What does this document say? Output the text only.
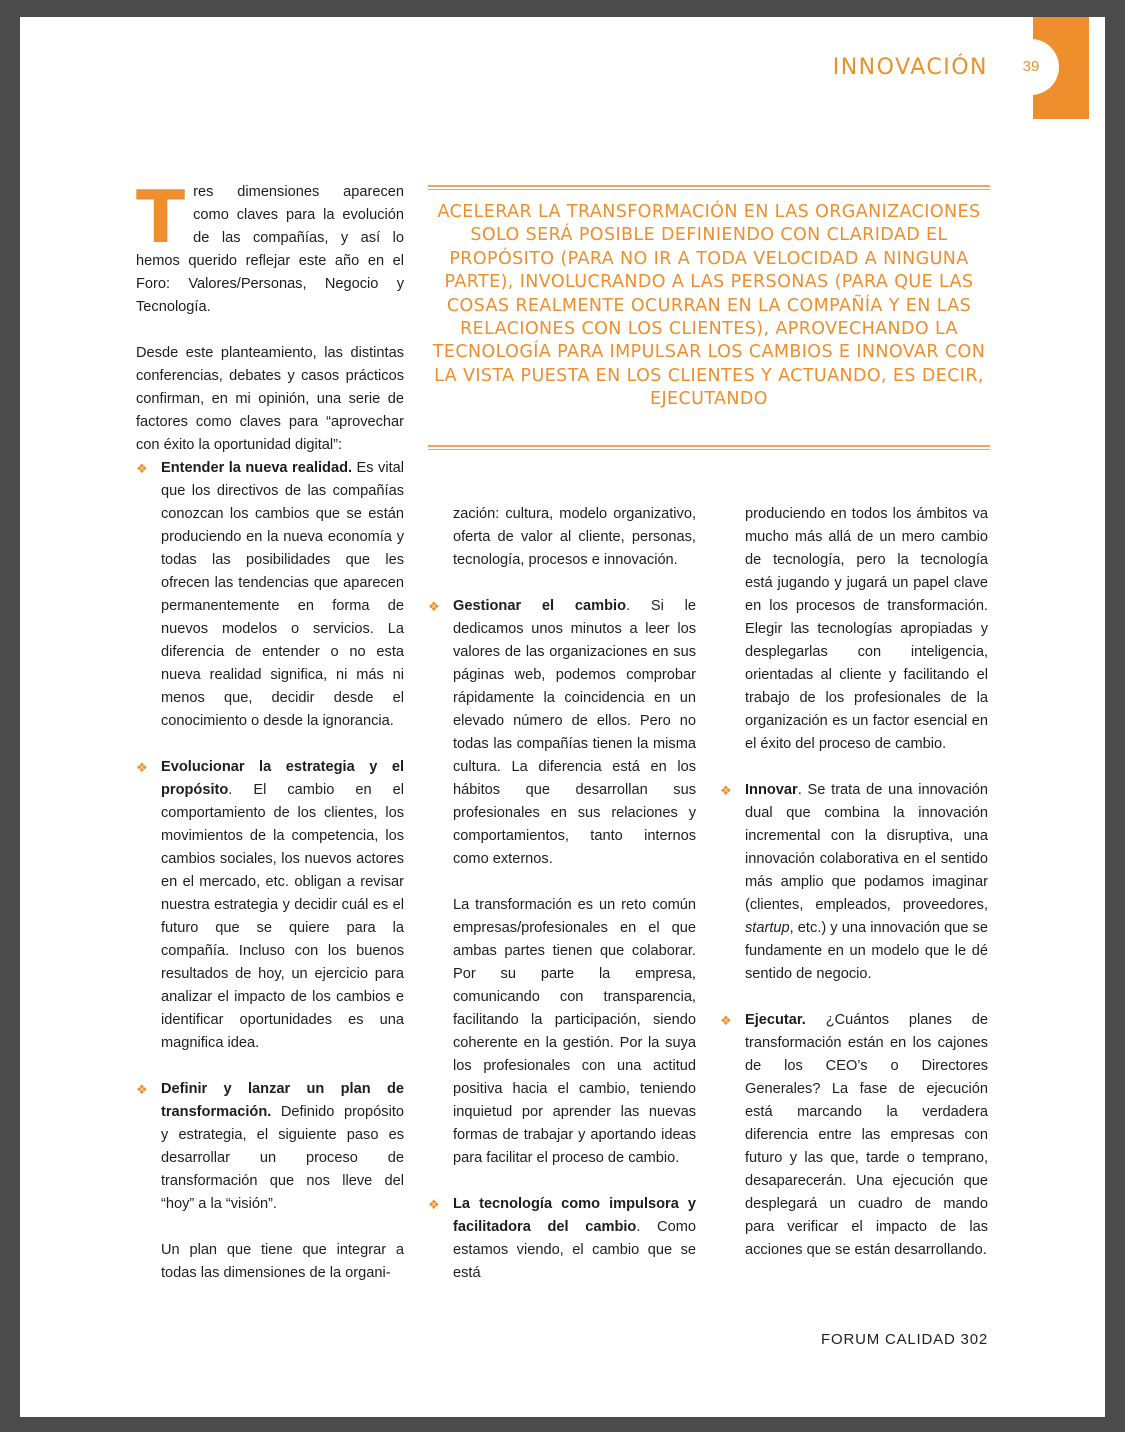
INNOVACIÓN	39
T res dimensiones aparecen como claves para la evolución de las compañías, y así lo hemos querido reflejar este año en el Foro: Valores/Personas, Negocio y Tecnología.

Desde este planteamiento, las distintas conferencias, debates y casos prácticos confirman, en mi opinión, una serie de factores como claves para “aprovechar con éxito la oportunidad digital”:

ACELERAR LA TRANSFORMACIÓN EN LAS ORGANIZACIONES SOLO SERÁ POSIBLE DEFINIENDO CON CLARIDAD EL PROPÓSITO (PARA NO IR A TODA VELOCIDAD A NINGUNA PARTE), INVOLUCRANDO A LAS PERSONAS (PARA QUE LAS COSAS REALMENTE OCURRAN EN LA COMPAÑÍA Y EN LAS RELACIONES CON LOS CLIENTES), APROVECHANDO LA TECNOLOGÍA PARA IMPULSAR LOS CAMBIOS E INNOVAR CON LA VISTA PUESTA EN LOS CLIENTES Y ACTUANDO, ES DECIR, EJECUTANDO
❖ Entender la nueva realidad. Es vital que los directivos de las compañías conozcan los cambios que se están produciendo en la nueva economía y todas las posibilidades que les ofrecen las tendencias que aparecen permanentemente en forma de nuevos modelos o servicios. La diferencia de entender o no esta nueva realidad significa, ni más ni menos que, decidir desde el conocimiento o desde la ignorancia.

❖ Evolucionar la estrategia y el propósito. El cambio en el comportamiento de los clientes, los movimientos de la competencia, los cambios sociales, los nuevos actores en el mercado, etc. obligan a revisar nuestra estrategia y decidir cuál es el futuro que se quiere para la compañía. Incluso con los buenos resultados de hoy, un ejercicio para analizar el impacto de los cambios e identificar oportunidades es una magnifica idea.

❖ Definir y lanzar un plan de transformación. Definido propósito y estrategia, el siguiente paso es desarrollar un proceso de transformación que nos lleve del “hoy” a la “visión”.

Un plan que tiene que integrar a todas las dimensiones de la organi-

zación: cultura, modelo organizativo, oferta de valor al cliente, personas, tecnología, procesos e innovación.

❖ Gestionar el cambio. Si le dedicamos unos minutos a leer los valores de las organizaciones en sus páginas web, podemos comprobar rápidamente la coincidencia en un elevado número de ellos. Pero no todas las compañías tienen la misma cultura. La diferencia está en los hábitos que desarrollan sus profesionales en sus relaciones y comportamientos, tanto internos como externos.

La transformación es un reto común empresas/profesionales en el que ambas partes tienen que colaborar. Por su parte la empresa, comunicando con transparencia, facilitando la participación, siendo coherente en la gestión. Por la suya los profesionales con una actitud positiva hacia el cambio, teniendo inquietud por aprender las nuevas formas de trabajar y aportando ideas para facilitar el proceso de cambio.

❖ La tecnología como impulsora y facilitadora del cambio. Como estamos viendo, el cambio que se está

produciendo en todos los ámbitos va mucho más allá de un mero cambio de tecnología, pero la tecnología está jugando y jugará un papel clave en los procesos de transformación. Elegir las tecnologías apropiadas y desplegarlas con inteligencia, orientadas al cliente y facilitando el trabajo de los profesionales de la organización es un factor esencial en el éxito del proceso de cambio.

❖ Innovar. Se trata de una innovación dual que combina la innovación incremental con la disruptiva, una innovación colaborativa en el sentido más amplio que podamos imaginar (clientes, empleados, proveedores, startup, etc.) y una innovación que se fundamente en un modelo que le dé sentido de negocio.

❖ Ejecutar. ¿Cuántos planes de transformación están en los cajones de los CEO’s o Directores Generales? La fase de ejecución está marcando la verdadera diferencia entre las empresas con futuro y las que, tarde o temprano, desaparecerán. Una ejecución que desplegará un cuadro de mando para verificar el impacto de las acciones que se están desarrollando.

FORUM CALIDAD 302
